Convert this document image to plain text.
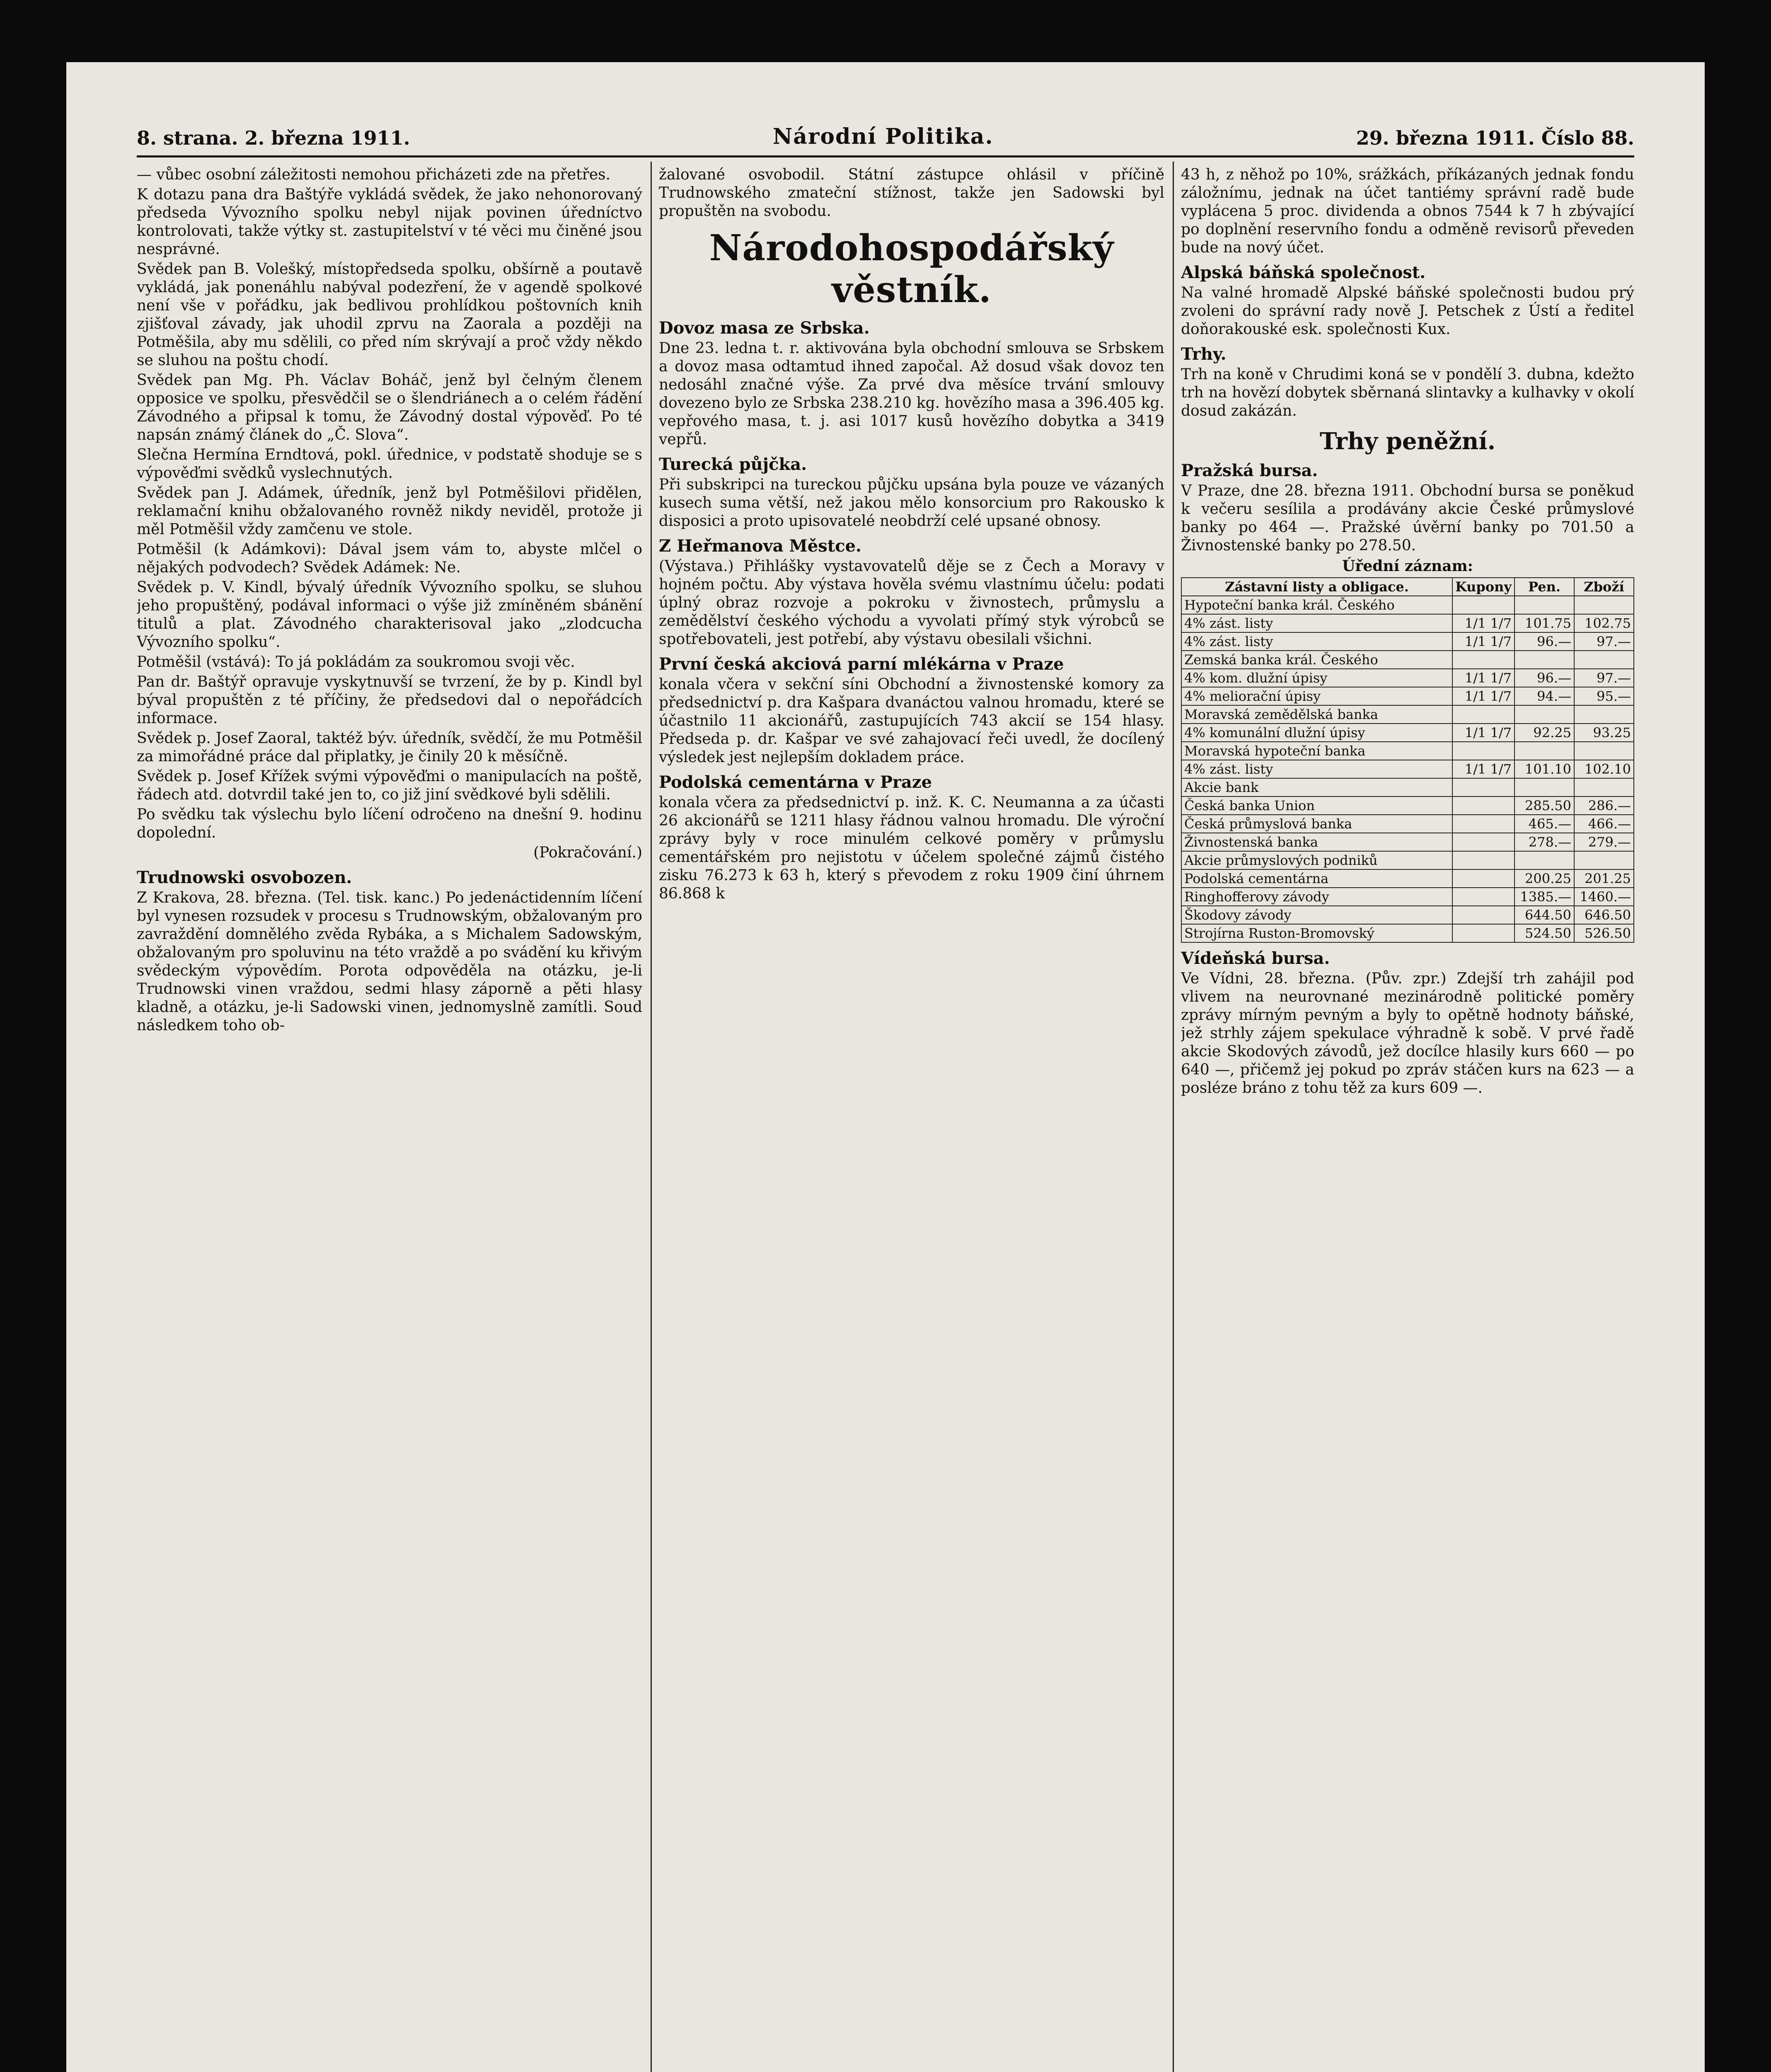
8. strana. 2. března 1911.	Národní Politika.	29. března 1911. Číslo 88.

— vůbec osobní záležitosti nemohou přicházeti zde na přetřes.

K dotazu pana dra Baštýře vykládá svědek, že jako nehonorovaný předseda Vývozního spolku nebyl nijak povinen úředníctvo kontrolovati, takže výtky st. zastupitelství v té věci mu činěné jsou nesprávné.

Svědek pan B. Volešký, místopředseda spolku, obšírně a poutavě vykládá, jak ponenáhlu nabýval podezření, že v agendě spolkové není vše v pořádku, jak bedlivou prohlídkou poštovních knih zjišťoval závady, jak uhodil zprvu na Zaorala a později na Potměšila, aby mu sdělili, co před ním skrývají a proč vždy někdo se sluhou na poštu chodí.

Svědek pan Mg. Ph. Václav Boháč, jenž byl čelným členem opposice ve spolku, přesvědčil se o šlendriánech a o celém řádění Závodného a připsal k tomu, že Závodný dostal výpověď. Po té napsán známý článek do „Č. Slova“.

Slečna Hermína Erndtová, pokl. úřednice, v podstatě shoduje se s výpověďmi svědků vyslechnutých.

Svědek pan J. Adámek, úředník, jenž byl Potměšilovi přidělen, reklamační knihu obžalovaného rovněž nikdy neviděl, protože ji měl Potměšil vždy zamčenu ve stole.

Potměšil (k Adámkovi): Dával jsem vám to, abyste mlčel o nějakých podvodech? Svědek Adámek: Ne.

Svědek p. V. Kindl, bývalý úředník Vývozního spolku, se sluhou jeho propuštěný, podával informaci o výše již zmíněném sbánění titulů a plat. Závodného charakterisoval jako „zlodcucha Vývozního spolku“.

Potměšil (vstává): To já pokládám za soukromou svoji věc.

Pan dr. Baštýř opravuje vyskytnuvší se tvrzení, že by p. Kindl byl býval propuštěn z té příčiny, že předsedovi dal o nepořádcích informace.

Svědek p. Josef Zaoral, taktéž býv. úředník, svědčí, že mu Potměšil za mimořádné práce dal připlatky, je činily 20 k měsíčně.

Svědek p. Josef Křížek svými výpověďmi o manipulacích na poště, řádech atd. dotvrdil také jen to, co již jiní svědkové byli sdělili.

Po svědku tak výslechu bylo líčení odročeno na dnešní 9. hodinu dopolední.

(Pokračování.)

Trudnowski osvobozen.

Z Krakova, 28. března. (Tel. tisk. kanc.) Po jedenáctidenním líčení byl vynesen rozsudek v procesu s Trudnowským, obžalovaným pro zavraždění domnělého zvěda Rybáka, a s Michalem Sadowským, obžalovaným pro spoluvinu na této vraždě a po svádění ku křivým svědeckým výpovědím. Porota odpověděla na otázku, je-li Trudnowski vinen vraždou, sedmi hlasy záporně a pěti hlasy kladně, a otázku, je-li Sadowski vinen, jednomyslně zamítli. Soud následkem toho ob-

žalované osvobodil. Státní zástupce ohlásil v příčině Trudnowského zmateční stížnost, takže jen Sadowski byl propuštěn na svobodu.

Národohospodářský věstník.
Dovoz masa ze Srbska.

Dne 23. ledna t. r. aktivována byla obchodní smlouva se Srbskem a dovoz masa odtamtud ihned započal. Až dosud však dovoz ten nedosáhl značné výše. Za prvé dva měsíce trvání smlouvy dovezeno bylo ze Srbska 238.210 kg. hovězího masa a 396.405 kg. vepřového masa, t. j. asi 1017 kusů hovězího dobytka a 3419 vepřů.

Turecká půjčka.

Při subskripci na tureckou půjčku upsána byla pouze ve vázaných kusech suma větší, než jakou mělo konsorcium pro Rakousko k disposici a proto upisovatelé neobdrží celé upsané obnosy.

Z Heřmanova Městce.

(Výstava.) Přihlášky vystavovatelů děje se z Čech a Moravy v hojném počtu. Aby výstava hověla svému vlastnímu účelu: podati úplný obraz rozvoje a pokroku v živnostech, průmyslu a zemědělství českého východu a vyvolati přímý styk výrobců se spotřebovateli, jest potřebí, aby výstavu obesilali všichni.

První česká akciová parní mlékárna v Praze

konala včera v sekční síni Obchodní a živnostenské komory za předsednictví p. dra Kašpara dvanáctou valnou hromadu, které se účastnilo 11 akcionářů, zastupujících 743 akcií se 154 hlasy. Předseda p. dr. Kašpar ve své zahajovací řeči uvedl, že docílený výsledek jest nejlepším dokladem práce.

Podolská cementárna v Praze

konala včera za předsednictví p. inž. K. C. Neumanna a za účasti 26 akcionářů se 1211 hlasy řádnou valnou hromadu. Dle výroční zprávy byly v roce minulém celkové poměry v průmyslu cementářském pro nejistotu v účelem společné zájmů čistého zisku 76.273 k 63 h, který s převodem z roku 1909 činí úhrnem 86.868 k

43 h, z něhož po 10%, srážkách, příkázaných jednak fondu záložnímu, jednak na účet tantiémy správní radě bude vyplácena 5 proc. dividenda a obnos 7544 k 7 h zbývající po doplnění reservního fondu a odměně revisorů převeden bude na nový účet.

Alpská báňská společnost.

Na valné hromadě Alpské báňské společnosti budou prý zvoleni do správní rady nově J. Petschek z Ústí a ředitel doňorakouské esk. společnosti Kux.

Trhy.

Trh na koně v Chrudimi koná se v pondělí 3. dubna, kdežto trh na hovězí dobytek sběrnaná slintavky a kulhavky v okolí dosud zakázán.

Trhy peněžní.
Pražská bursa.

V Praze, dne 28. března 1911. Obchodní bursa se poněkud k večeru sesílila a prodávány akcie České průmyslové banky po 464 —. Pražské úvěrní banky po 701.50 a Živnostenské banky po 278.50.

Úřední záznam:
Zástavní listy a obligace.	Kupony	Pen.	Zboží
Hypoteční banka král. Českého			
4% zást. listy	1/1 1/7	101.75	102.75
4% zást. listy	1/1 1/7	96.—	97.—
Zemská banka král. Českého			
4% kom. dlužní úpisy	1/1 1/7	96.—	97.—
4% meliorační úpisy	1/1 1/7	94.—	95.—
Moravská zemědělská banka			
4% komunální dlužní úpisy	1/1 1/7	92.25	93.25
Moravská hypoteční banka			
4% zást. listy	1/1 1/7	101.10	102.10
Akcie bank			
Česká banka Union		285.50	286.—
Česká průmyslová banka		465.—	466.—
Živnostenská banka		278.—	279.—
Akcie průmyslových podniků			
Podolská cementárna		200.25	201.25
Ringhofferovy závody		1385.—	1460.—
Škodovy závody		644.50	646.50
Strojírna Ruston-Bromovský		524.50	526.50
Vídeňská bursa.

Ve Vídni, 28. března. (Pův. zpr.) Zdejší trh zahájil pod vlivem na neurovnané mezinárodně politické poměry zprávy mírným pevným a byly to opětně hodnoty báňské, jež strhly zájem spekulace výhradně k sobě. V prvé řadě akcie Skodových závodů, jež docílce hlasily kurs 660 — po 640 —, přičemž jej pokud po zpráv stáčen kurs na 623 — a posléze bráno z tohu těž za kurs 609 —.
